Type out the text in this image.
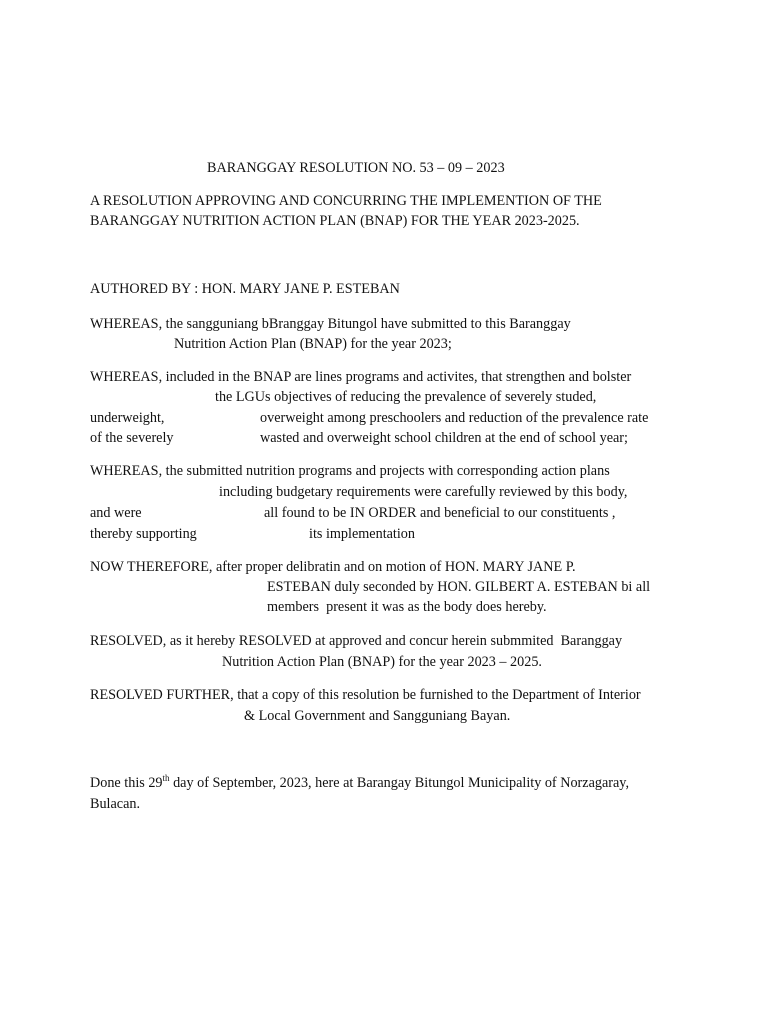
BARANGGAY RESOLUTION NO. 53 – 09 – 2023
A RESOLUTION APPROVING AND CONCURRING THE IMPLEMENTION OF THE
BARANGGAY NUTRITION ACTION PLAN (BNAP) FOR THE YEAR 2023-2025.
AUTHORED BY : HON. MARY JANE P. ESTEBAN
WHEREAS, the sangguniang bBranggay Bitungol have submitted to this Baranggay
Nutrition Action Plan (BNAP) for the year 2023;
WHEREAS, included in the BNAP are lines programs and activites, that strengthen and bolster
the LGUs objectives of reducing the prevalence of severely studed,
underweight,	overweight among preschoolers and reduction of the prevalence rate
of the severely	wasted and overweight school children at the end of school year;
WHEREAS, the submitted nutrition programs and projects with corresponding action plans
including budgetary requirements were carefully reviewed by this body,
and were	all found to be IN ORDER and beneficial to our constituents ,
thereby supporting	its implementation
NOW THEREFORE, after proper delibratin and on motion of HON. MARY JANE P.
ESTEBAN duly seconded by HON. GILBERT A. ESTEBAN bi all
members  present it was as the body does hereby.
RESOLVED, as it hereby RESOLVED at approved and concur herein submmited  Baranggay
Nutrition Action Plan (BNAP) for the year 2023 – 2025.
RESOLVED FURTHER, that a copy of this resolution be furnished to the Department of Interior
& Local Government and Sangguniang Bayan.
Done this 29th day of September, 2023, here at Barangay Bitungol Municipality of Norzagaray,
Bulacan.
